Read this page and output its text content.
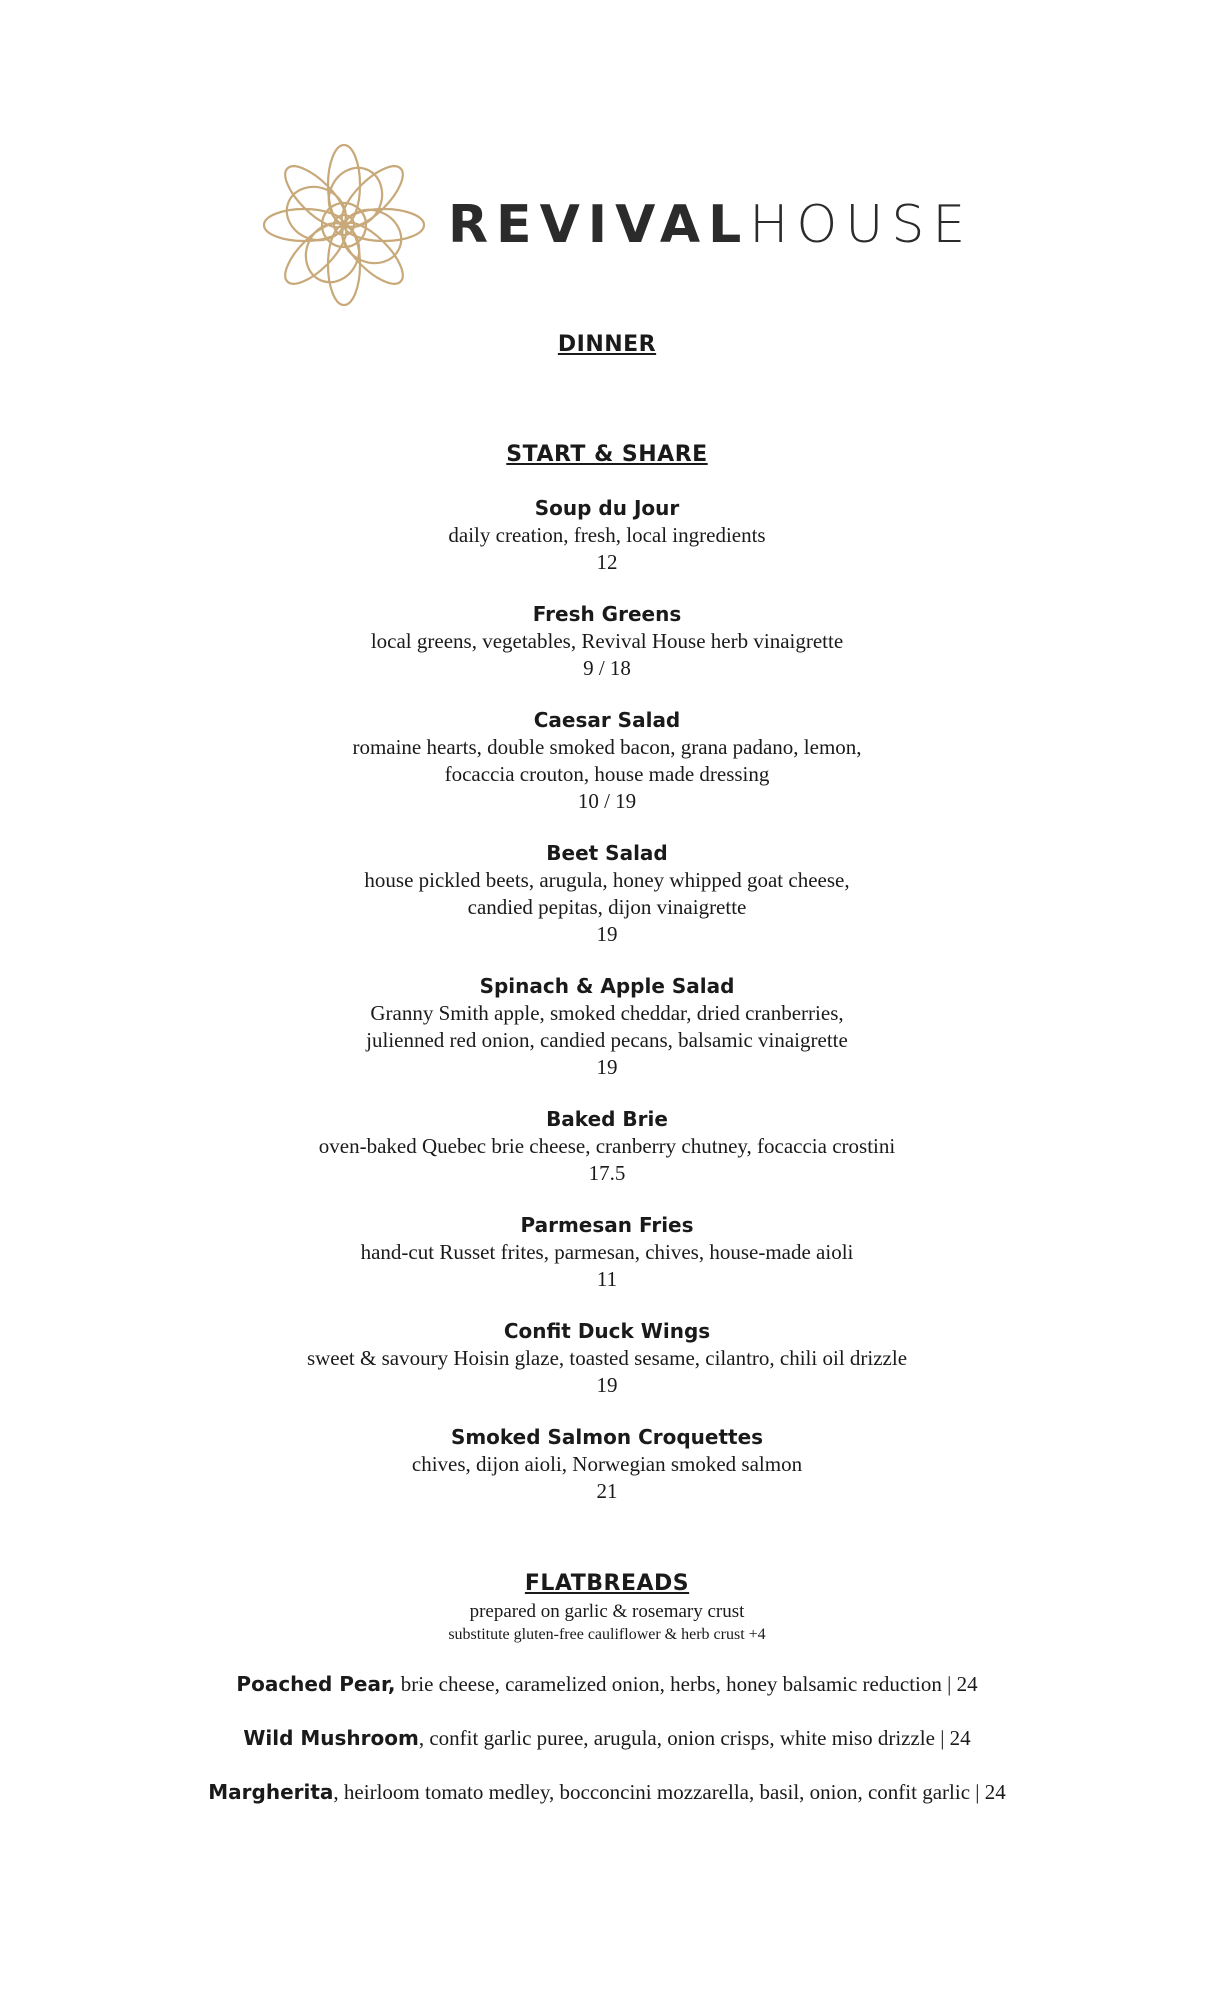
REVIVALHOUSE
DINNER
START & SHARE
Soup du Jour
daily creation, fresh, local ingredients
12
Fresh Greens
local greens, vegetables, Revival House herb vinaigrette
9 / 18
Caesar Salad
romaine hearts, double smoked bacon, grana padano, lemon,
focaccia crouton, house made dressing
10 / 19
Beet Salad
house pickled beets, arugula, honey whipped goat cheese,
candied pepitas, dijon vinaigrette
19
Spinach & Apple Salad
Granny Smith apple, smoked cheddar, dried cranberries,
julienned red onion, candied pecans, balsamic vinaigrette
19
Baked Brie
oven-baked Quebec brie cheese, cranberry chutney, focaccia crostini
17.5
Parmesan Fries
hand-cut Russet frites, parmesan, chives, house-made aioli
11
Confit Duck Wings
sweet & savoury Hoisin glaze, toasted sesame, cilantro, chili oil drizzle
19
Smoked Salmon Croquettes
chives, dijon aioli, Norwegian smoked salmon
21
FLATBREADS
prepared on garlic & rosemary crust
substitute gluten-free cauliflower & herb crust +4
Poached Pear, brie cheese, caramelized onion, herbs, honey balsamic reduction | 24
Wild Mushroom, confit garlic puree, arugula, onion crisps, white miso drizzle | 24
Margherita, heirloom tomato medley, bocconcini mozzarella, basil, onion, confit garlic | 24
